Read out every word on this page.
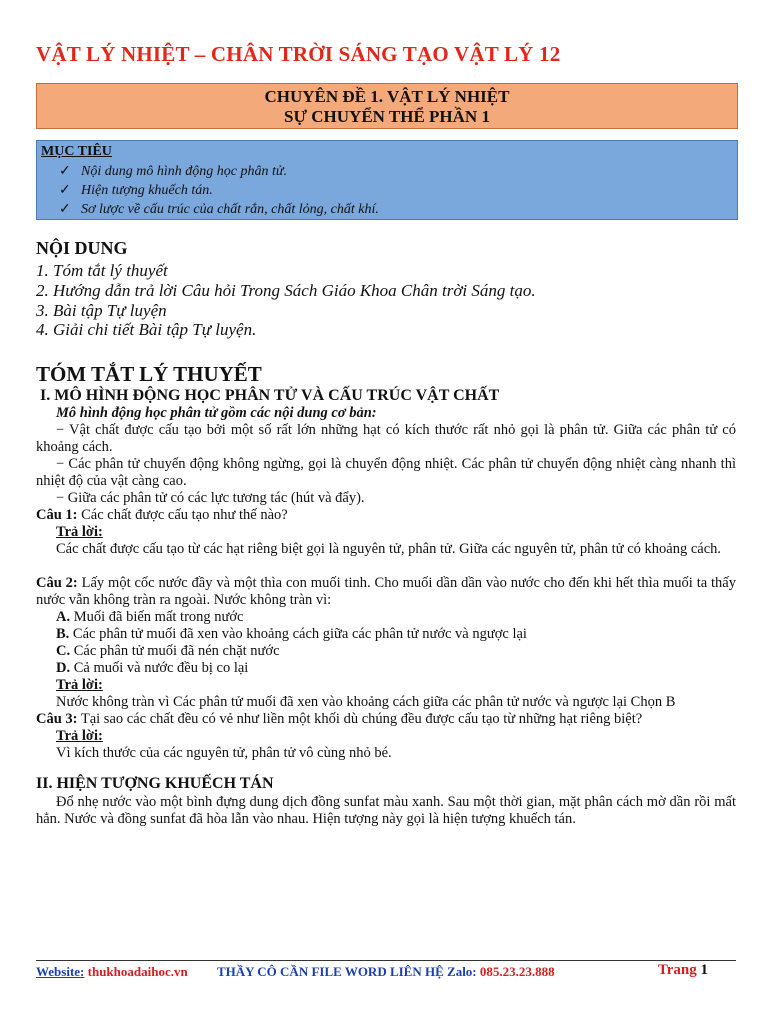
VẬT LÝ NHIỆT – CHÂN TRỜI SÁNG TẠO VẬT LÝ 12
CHUYÊN ĐỀ 1. VẬT LÝ NHIỆT
SỰ CHUYỂN THỂ PHẦN 1
MỤC TIÊU
✓ Nội dung mô hình động học phân tử.
✓ Hiện tượng khuếch tán.
✓ Sơ lược về cấu trúc của chất rắn, chất lỏng, chất khí.
NỘI DUNG
1. Tóm tắt lý thuyết
2. Hướng dẫn trả lời Câu hỏi Trong Sách Giáo Khoa Chân trời Sáng tạo.
3. Bài tập Tự luyện
4. Giải chi tiết Bài tập Tự luyện.
TÓM TẮT LÝ THUYẾT
I. MÔ HÌNH ĐỘNG HỌC PHÂN TỬ VÀ CẤU TRÚC VẬT CHẤT
Mô hình động học phân tử gồm các nội dung cơ bản:
− Vật chất được cấu tạo bởi một số rất lớn những hạt có kích thước rất nhỏ gọi là phân tử. Giữa các phân tử có khoảng cách.
− Các phân tử chuyển động không ngừng, gọi là chuyển động nhiệt. Các phân tử chuyển động nhiệt càng nhanh thì nhiệt độ của vật càng cao.
− Giữa các phân tử có các lực tương tác (hút và đẩy).
Câu 1: Các chất được cấu tạo như thế nào?
Trả lời:
Các chất được cấu tạo từ các hạt riêng biệt gọi là nguyên tử, phân tử. Giữa các nguyên tử, phân tử có khoảng cách.
Câu 2: Lấy một cốc nước đầy và một thìa con muối tinh. Cho muối dần dần vào nước cho đến khi hết thìa muối ta thấy nước vẫn không tràn ra ngoài. Nước không tràn vì:
A. Muối đã biến mất trong nước
B. Các phân tử muối đã xen vào khoảng cách giữa các phân tử nước và ngược lại
C. Các phân tử muối đã nén chặt nước
D. Cả muối và nước đều bị co lại
Trả lời:
Nước không tràn vì Các phân tử muối đã xen vào khoảng cách giữa các phân tử nước và ngược lại Chọn B
Câu 3: Tại sao các chất đều có vẻ như liền một khối dù chúng đều được cấu tạo từ những hạt riêng biệt?
Trả lời:
Vì kích thước của các nguyên tử, phân tử vô cùng nhỏ bé.
II. HIỆN TƯỢNG KHUẾCH TÁN
Đổ nhẹ nước vào một bình đựng dung dịch đồng sunfat màu xanh. Sau một thời gian, mặt phân cách mờ dần rồi mất hẳn. Nước và đồng sunfat đã hòa lẫn vào nhau. Hiện tượng này gọi là hiện tượng khuếch tán.
Website: thukhoadaihoc.vn THẦY CÔ CẦN FILE WORD LIÊN HỆ Zalo: 085.23.23.888	Trang 1
